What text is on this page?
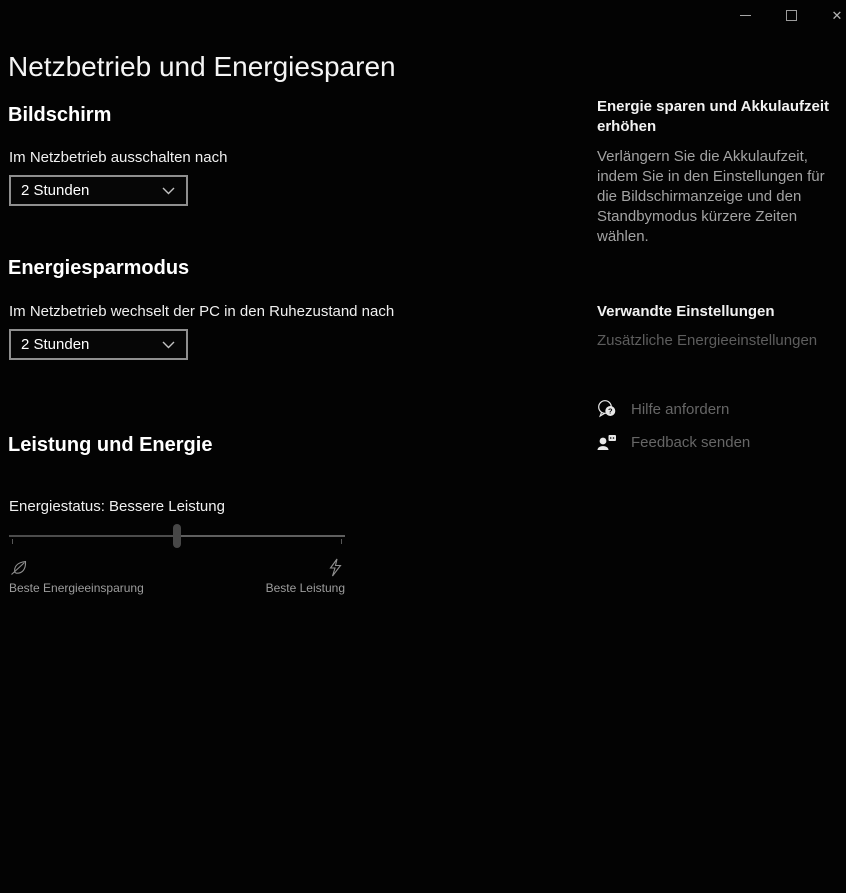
✕
Netzbetrieb und Energiesparen
Bildschirm
Im Netzbetrieb ausschalten nach
2 Stunden
Energiesparmodus
Im Netzbetrieb wechselt der PC in den Ruhezustand nach
2 Stunden
Leistung und Energie
Energiestatus: Bessere Leistung
Beste Energieeinsparung	Beste Leistung
Energie sparen und Akkulaufzeit erhöhen

Verlängern Sie die Akkulaufzeit, indem Sie in den Einstellungen für die Bildschirmanzeige und den Standbymodus kürzere Zeiten wählen.

Verwandte Einstellungen
Zusätzliche Energieeinstellungen
? Hilfe anfordern
Feedback senden
